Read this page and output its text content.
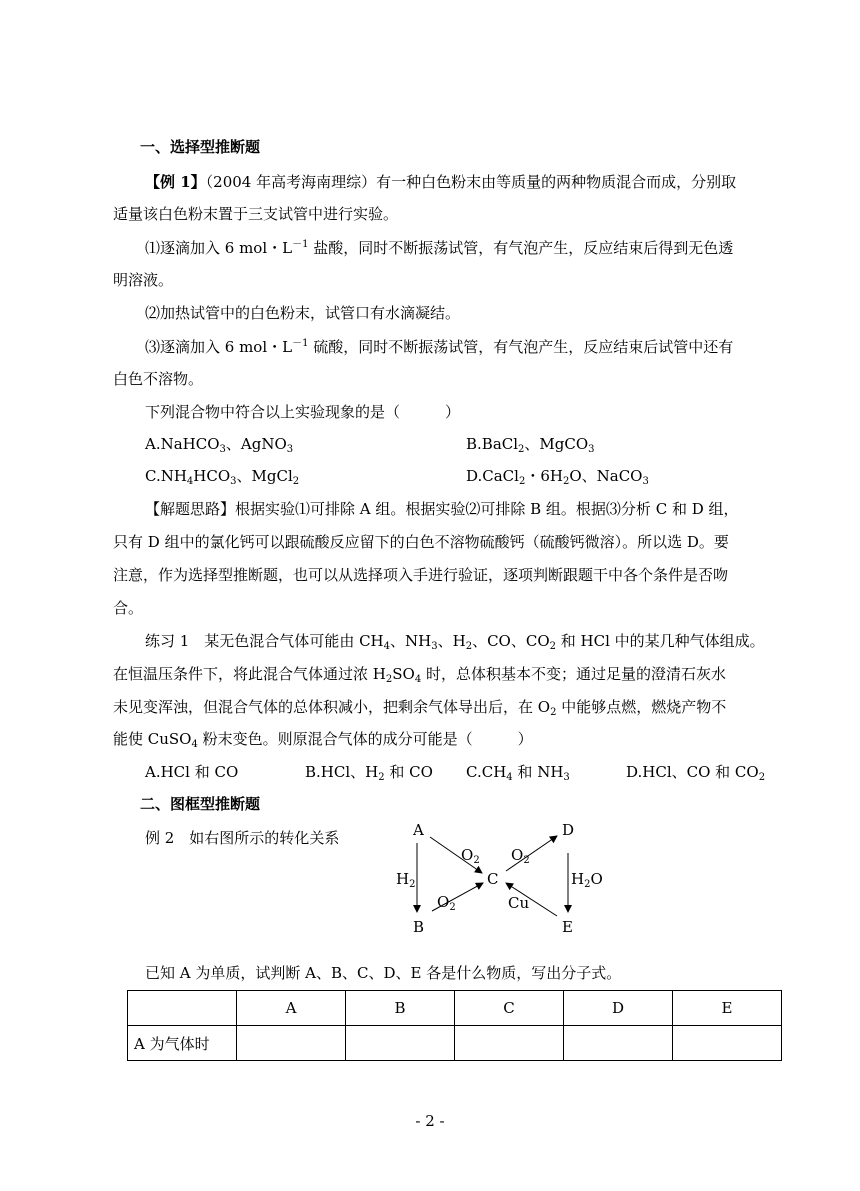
一、选择型推断题
【例 1】（2004 年高考海南理综）有一种白色粉末由等质量的两种物质混合而成，分别取
适量该白色粉末置于三支试管中进行实验。
⑴逐滴加入 6 mol・$L^{-1}$ 盐酸，同时不断振荡试管，有气泡产生，反应结束后得到无色透
明溶液。
⑵加热试管中的白色粉末，试管口有水滴凝结。
⑶逐滴加入 6 mol・$L^{-1}$ 硫酸，同时不断振荡试管，有气泡产生，反应结束后试管中还有
白色不溶物。
下列混合物中符合以上实验现象的是（　　　）
A.NaHCO$_3$、AgNO$_3$	B.BaCl$_2$、MgCO$_3$
$C.NH_4HCO_3$、MgCl$_2$	D.CaCl$_2$・$6H_2O$、NaCO$_3$
【解题思路】根据实验⑴可排除 A 组。根据实验⑵可排除 B 组。根据⑶分析 C 和 D 组，
只有 D 组中的氯化钙可以跟硫酸反应留下的白色不溶物硫酸钙（硫酸钙微溶）。所以选 D。要
注意，作为选择型推断题，也可以从选择项入手进行验证，逐项判断跟题干中各个条件是否吻
合。
练习 1　某无色混合气体可能由 $CH_4$、$NH_3$、$H_2$、CO、$CO_2$ 和 HCl 中的某几种气体组成。
在恒温压条件下，将此混合气体通过浓 $H_2SO_4$ 时，总体积基本不变；通过足量的澄清石灰水
未见变浑浊，但混合气体的总体积减小，把剩余气体导出后，在 $O_2$ 中能够点燃，燃烧产物不
能使 CuSO$_4$ 粉末变色。则原混合气体的成分可能是（　　　）
A.HCl 和 CO	B.HCl、$H_2$ 和 CO $C.CH_4$ 和 $NH_3$	D.HCl、CO 和 $CO_2$
二、图框型推断题
例 2　如右图所示的转化关系	A	D
C
B	E
$O_2$ $O_2$
$H_2$	$H_2O$
$O_2$	Cu
已知 A 为单质，试判断 A、B、C、D、E 各是什么物质，写出分子式。
	A	B	C	D	E
A 为气体时					
- 2 -
